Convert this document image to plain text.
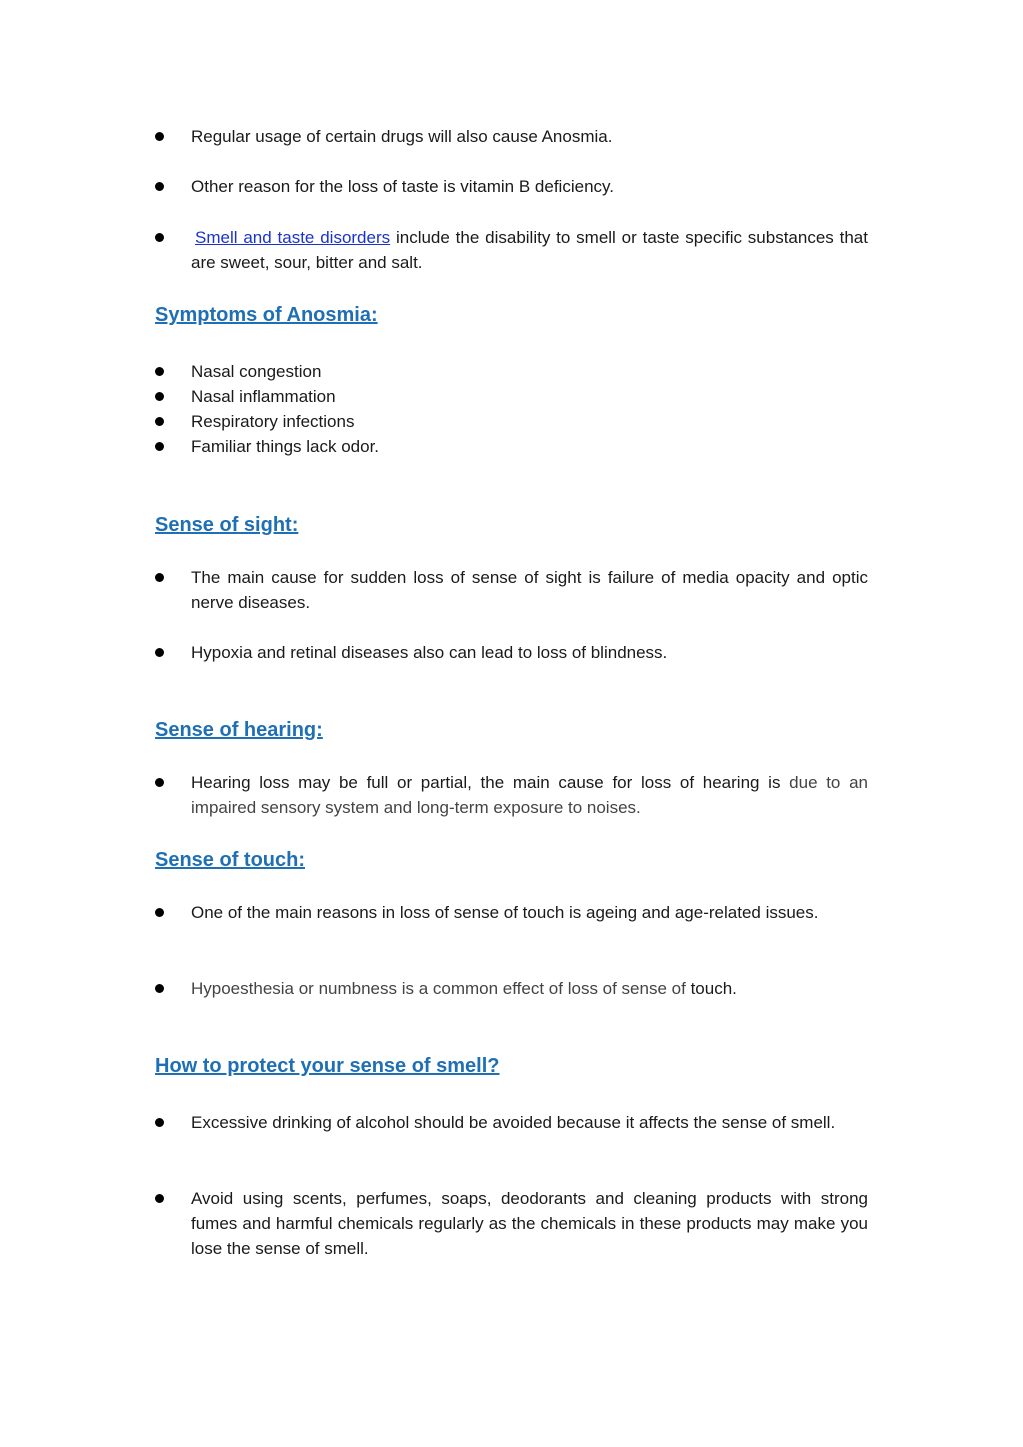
Regular usage of certain drugs will also cause Anosmia.
Other reason for the loss of taste is vitamin B deficiency.
Smell and taste disorders include the disability to smell or taste specific substances that are sweet, sour, bitter and salt.
Symptoms of Anosmia:
Nasal congestion
Nasal inflammation
Respiratory infections
Familiar things lack odor.
Sense of sight:
The main cause for sudden loss of sense of sight is failure of media opacity and optic nerve diseases.
Hypoxia and retinal diseases also can lead to loss of blindness.
Sense of hearing:
Hearing loss may be full or partial, the main cause for loss of hearing is due to an impaired sensory system and long-term exposure to noises.
Sense of touch:
One of the main reasons in loss of sense of touch is ageing and age-related issues.
Hypoesthesia or numbness is a common effect of loss of sense of touch.
How to protect your sense of smell?
Excessive drinking of alcohol should be avoided because it affects the sense of smell.
Avoid using scents, perfumes, soaps, deodorants and cleaning products with strong fumes and harmful chemicals regularly as the chemicals in these products may make you lose the sense of smell.
